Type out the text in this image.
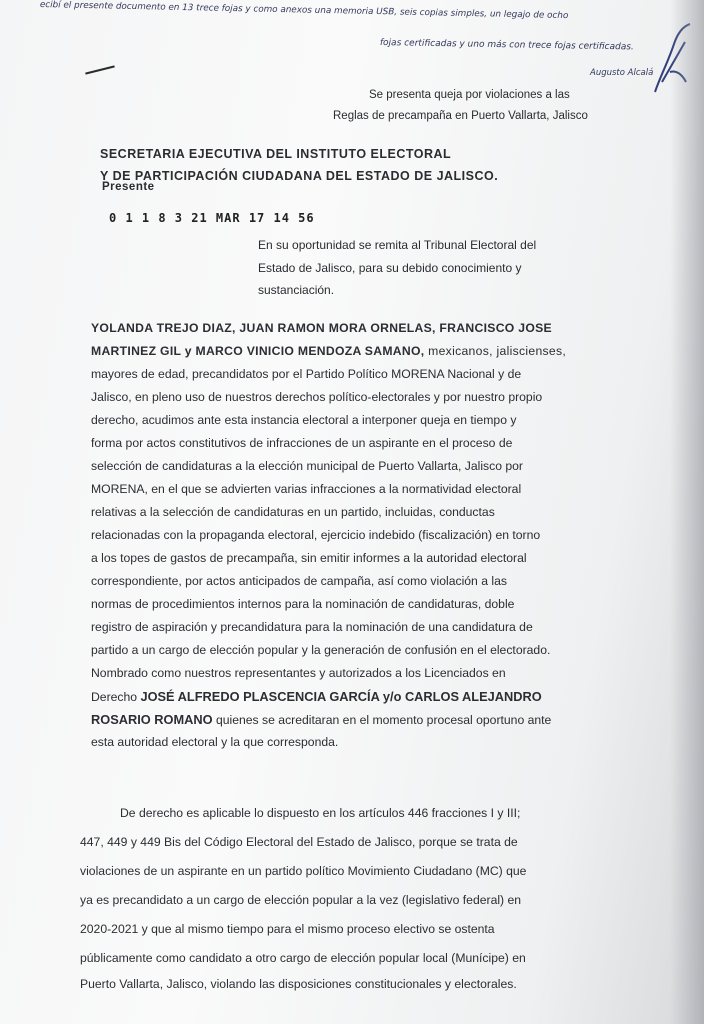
ecibí el presente documento en 13 trece fojas y como anexos una memoria USB, seis copias simples, un legajo de ocho
fojas certificadas y uno más con trece fojas certificadas.
Augusto Alcalá
Se presenta queja por violaciones a las
Reglas de precampaña en Puerto Vallarta, Jalisco
SECRETARIA EJECUTIVA DEL INSTITUTO ELECTORAL
Y DE PARTICIPACIÓN CIUDADANA DEL ESTADO DE JALISCO.
Presente
0 1 1 8 3 21 MAR 17 14 56
En su oportunidad se remita al Tribunal Electoral del
Estado de Jalisco, para su debido conocimiento y
sustanciación.
YOLANDA TREJO DIAZ, JUAN RAMON MORA ORNELAS, FRANCISCO JOSE
MARTINEZ GIL y MARCO VINICIO MENDOZA SAMANO, mexicanos, jaliscienses,
mayores de edad, precandidatos por el Partido Político MORENA Nacional y de
Jalisco, en pleno uso de nuestros derechos político-electorales y por nuestro propio
derecho, acudimos ante esta instancia electoral a interponer queja en tiempo y
forma por actos constitutivos de infracciones de un aspirante en el proceso de
selección de candidaturas a la elección municipal de Puerto Vallarta, Jalisco por
MORENA, en el que se advierten varias infracciones a la normatividad electoral
relativas a la selección de candidaturas en un partido, incluidas, conductas
relacionadas con la propaganda electoral, ejercicio indebido (fiscalización) en torno
a los topes de gastos de precampaña, sin emitir informes a la autoridad electoral
correspondiente, por actos anticipados de campaña, así como violación a las
normas de procedimientos internos para la nominación de candidaturas, doble
registro de aspiración y precandidatura para la nominación de una candidatura de
partido a un cargo de elección popular y la generación de confusión en el electorado.
Nombrado como nuestros representantes y autorizados a los Licenciados en
Derecho JOSÉ ALFREDO PLASCENCIA GARCÍA y/o CARLOS ALEJANDRO
ROSARIO ROMANO quienes se acreditaran en el momento procesal oportuno ante
esta autoridad electoral y la que corresponda.
De derecho es aplicable lo dispuesto en los artículos 446 fracciones I y III;
447, 449 y 449 Bis del Código Electoral del Estado de Jalisco, porque se trata de
violaciones de un aspirante en un partido político Movimiento Ciudadano (MC) que
ya es precandidato a un cargo de elección popular a la vez (legislativo federal) en
2020-2021 y que al mismo tiempo para el mismo proceso electivo se ostenta
públicamente como candidato a otro cargo de elección popular local (Munícipe) en
Puerto Vallarta, Jalisco, violando las disposiciones constitucionales y electorales.
